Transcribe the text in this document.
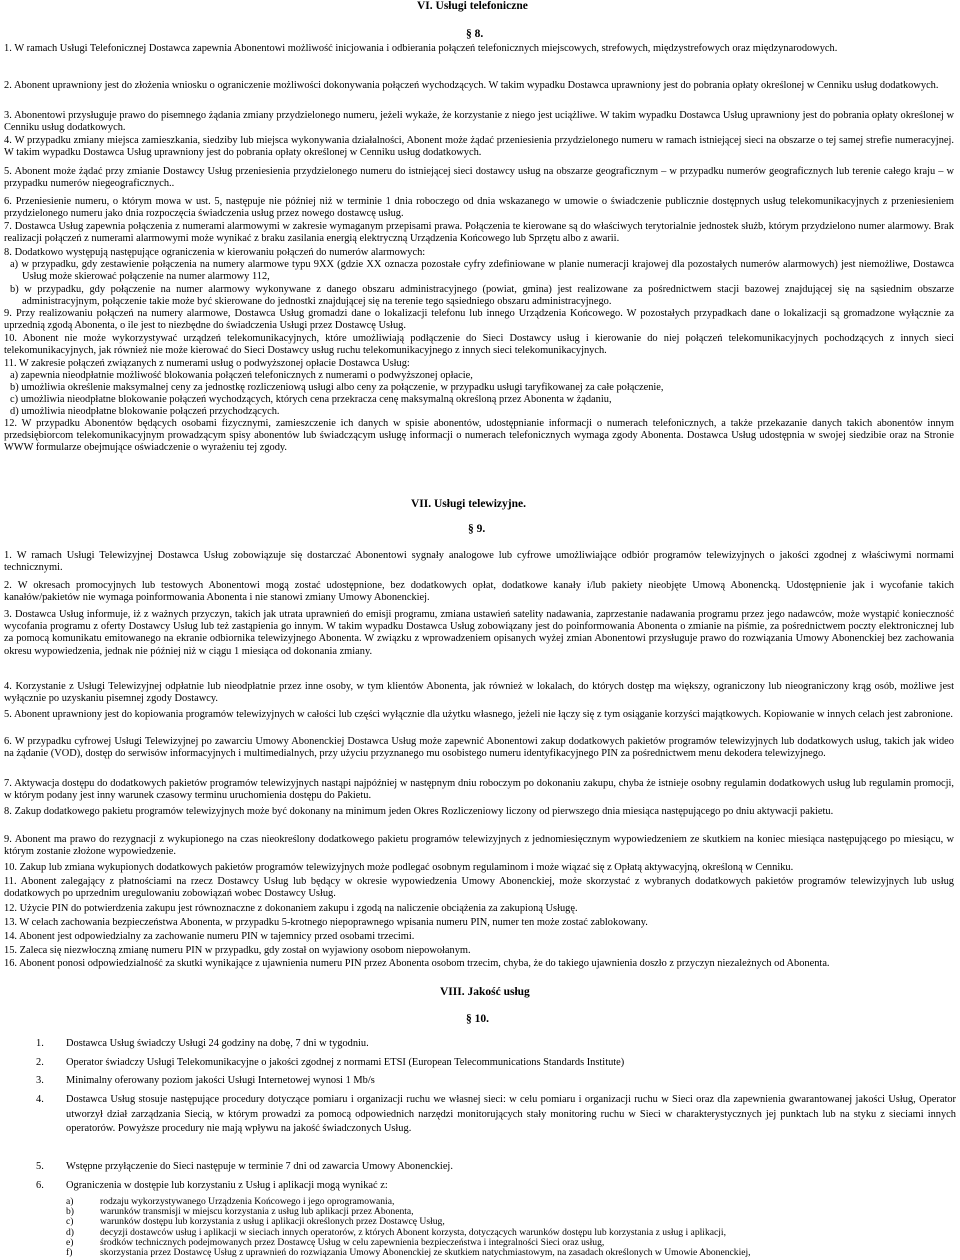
VI. Usługi telefoniczne
§ 8.
1. W ramach Usługi Telefonicznej Dostawca zapewnia Abonentowi możliwość inicjowania i odbierania połączeń telefonicznych miejscowych, strefowych, międzystrefowych oraz międzynarodowych.
2. Abonent uprawniony jest do złożenia wniosku o ograniczenie możliwości dokonywania połączeń wychodzących. W takim wypadku Dostawca uprawniony jest do pobrania opłaty określonej w Cenniku usług dodatkowych.
3. Abonentowi przysługuje prawo do pisemnego żądania zmiany przydzielonego numeru, jeżeli wykaże, że korzystanie z niego jest uciążliwe. W takim wypadku Dostawca Usług uprawniony jest do pobrania opłaty określonej w Cenniku usług dodatkowych.
4. W przypadku zmiany miejsca zamieszkania, siedziby lub miejsca wykonywania działalności, Abonent może żądać przeniesienia przydzielonego numeru w ramach istniejącej sieci na obszarze o tej samej strefie numeracyjnej. W takim wypadku Dostawca Usług uprawniony jest do pobrania opłaty określonej w Cenniku usług dodatkowych.
5. Abonent może żądać przy zmianie Dostawcy Usług przeniesienia przydzielonego numeru do istniejącej sieci dostawcy usług na obszarze geograficznym – w przypadku numerów geograficznych lub terenie całego kraju – w przypadku numerów niegeograficznych..
6. Przeniesienie numeru, o którym mowa w ust. 5, następuje nie później niż w terminie 1 dnia roboczego od dnia wskazanego w umowie o świadczenie publicznie dostępnych usług telekomunikacyjnych z przeniesieniem przydzielonego numeru jako dnia rozpoczęcia świadczenia usług przez nowego dostawcę usług.
7. Dostawca Usług zapewnia połączenia z numerami alarmowymi w zakresie wymaganym przepisami prawa. Połączenia te kierowane są do właściwych terytorialnie jednostek służb, którym przydzielono numer alarmowy. Brak realizacji połączeń z numerami alarmowymi może wynikać z braku zasilania energią elektryczną Urządzenia Końcowego lub Sprzętu albo z awarii.
8. Dodatkowo występują następujące ograniczenia w kierowaniu połączeń do numerów alarmowych:
a) w przypadku, gdy zestawienie połączenia na numery alarmowe typu 9XX (gdzie XX oznacza pozostałe cyfry zdefiniowane w planie numeracji krajowej dla pozostałych numerów alarmowych) jest niemożliwe, Dostawca Usług może skierować połączenie na numer alarmowy 112,
b) w przypadku, gdy połączenie na numer alarmowy wykonywane z danego obszaru administracyjnego (powiat, gmina) jest realizowane za pośrednictwem stacji bazowej znajdującej się na sąsiednim obszarze administracyjnym, połączenie takie może być skierowane do jednostki znajdującej się na terenie tego sąsiedniego obszaru administracyjnego.
9. Przy realizowaniu połączeń na numery alarmowe, Dostawca Usług gromadzi dane o lokalizacji telefonu lub innego Urządzenia Końcowego. W pozostałych przypadkach dane o lokalizacji są gromadzone wyłącznie za uprzednią zgodą Abonenta, o ile jest to niezbędne do świadczenia Usługi przez Dostawcę Usług.
10. Abonent nie może wykorzystywać urządzeń telekomunikacyjnych, które umożliwiają podłączenie do Sieci Dostawcy usług i kierowanie do niej połączeń telekomunikacyjnych pochodzących z innych sieci telekomunikacyjnych, jak również nie może kierować do Sieci Dostawcy usług ruchu telekomunikacyjnego z innych sieci telekomunikacyjnych.
11. W zakresie połączeń związanych z numerami usług o podwyższonej opłacie Dostawca Usług:
a) zapewnia nieodpłatnie możliwość blokowania połączeń telefonicznych z numerami o podwyższonej opłacie,
b) umożliwia określenie maksymalnej ceny za jednostkę rozliczeniową usługi albo ceny za połączenie, w przypadku usługi taryfikowanej za całe połączenie,
c) umożliwia nieodpłatne blokowanie połączeń wychodzących, których cena przekracza cenę maksymalną określoną przez Abonenta w żądaniu,
d) umożliwia nieodpłatne blokowanie połączeń przychodzących.
12. W przypadku Abonentów będących osobami fizycznymi, zamieszczenie ich danych w spisie abonentów, udostępnianie informacji o numerach telefonicznych, a także przekazanie danych takich abonentów innym przedsiębiorcom telekomunikacyjnym prowadzącym spisy abonentów lub świadczącym usługę informacji o numerach telefonicznych wymaga zgody Abonenta. Dostawca Usług udostępnia w swojej siedzibie oraz na Stronie WWW formularze obejmujące oświadczenie o wyrażeniu tej zgody.
VII. Usługi telewizyjne.
§ 9.
1. W ramach Usługi Telewizyjnej Dostawca Usług zobowiązuje się dostarczać Abonentowi sygnały analogowe lub cyfrowe umożliwiające odbiór programów telewizyjnych o jakości zgodnej z właściwymi normami technicznymi.
2. W okresach promocyjnych lub testowych Abonentowi mogą zostać udostępnione, bez dodatkowych opłat, dodatkowe kanały i/lub pakiety nieobjęte Umową Abonencką. Udostępnienie jak i wycofanie takich kanałów/pakietów nie wymaga poinformowania Abonenta i nie stanowi zmiany Umowy Abonenckiej.
3. Dostawca Usług informuje, iż z ważnych przyczyn, takich jak utrata uprawnień do emisji programu, zmiana ustawień satelity nadawania, zaprzestanie nadawania programu przez jego nadawców, może wystąpić konieczność wycofania programu z oferty Dostawcy Usług lub też zastąpienia go innym. W takim wypadku Dostawca Usług zobowiązany jest do poinformowania Abonenta o zmianie na piśmie, za pośrednictwem poczty elektronicznej lub za pomocą komunikatu emitowanego na ekranie odbiornika telewizyjnego Abonenta. W związku z wprowadzeniem opisanych wyżej zmian Abonentowi przysługuje prawo do rozwiązania Umowy Abonenckiej bez zachowania okresu wypowiedzenia, jednak nie później niż w ciągu 1 miesiąca od dokonania zmiany.
4. Korzystanie z Usługi Telewizyjnej odpłatnie lub nieodpłatnie przez inne osoby, w tym klientów Abonenta, jak również w lokalach, do których dostęp ma większy, ograniczony lub nieograniczony krąg osób, możliwe jest wyłącznie po uzyskaniu pisemnej zgody Dostawcy.
5. Abonent uprawniony jest do kopiowania programów telewizyjnych w całości lub części wyłącznie dla użytku własnego, jeżeli nie łączy się z tym osiąganie korzyści majątkowych. Kopiowanie w innych celach jest zabronione.
6. W przypadku cyfrowej Usługi Telewizyjnej po zawarciu Umowy Abonenckiej Dostawca Usług może zapewnić Abonentowi zakup dodatkowych pakietów programów telewizyjnych lub dodatkowych usług, takich jak wideo na żądanie (VOD), dostęp do serwisów informacyjnych i multimedialnych, przy użyciu przyznanego mu osobistego numeru identyfikacyjnego PIN za pośrednictwem menu dekodera telewizyjnego.
7. Aktywacja dostępu do dodatkowych pakietów programów telewizyjnych nastąpi najpóźniej w następnym dniu roboczym po dokonaniu zakupu, chyba że istnieje osobny regulamin dodatkowych usług lub regulamin promocji, w którym podany jest inny warunek czasowy terminu uruchomienia dostępu do Pakietu.
8. Zakup dodatkowego pakietu programów telewizyjnych może być dokonany na minimum jeden Okres Rozliczeniowy liczony od pierwszego dnia miesiąca następującego po dniu aktywacji pakietu.
9. Abonent ma prawo do rezygnacji z wykupionego na czas nieokreślony dodatkowego pakietu programów telewizyjnych z jednomiesięcznym wypowiedzeniem ze skutkiem na koniec miesiąca następującego po miesiącu, w którym zostanie złożone wypowiedzenie.
10. Zakup lub zmiana wykupionych dodatkowych pakietów programów telewizyjnych może podlegać osobnym regulaminom i może wiązać się z Opłatą aktywacyjną, określoną w Cenniku.
11. Abonent zalegający z płatnościami na rzecz Dostawcy Usług lub będący w okresie wypowiedzenia Umowy Abonenckiej, może skorzystać z wybranych dodatkowych pakietów programów telewizyjnych lub usług dodatkowych po uprzednim uregulowaniu zobowiązań wobec Dostawcy Usług.
12. Użycie PIN do potwierdzenia zakupu jest równoznaczne z dokonaniem zakupu i zgodą na naliczenie obciążenia za zakupioną Usługę.
13. W celach zachowania bezpieczeństwa Abonenta, w przypadku 5-krotnego niepoprawnego wpisania numeru PIN, numer ten może zostać zablokowany.
14. Abonent jest odpowiedzialny za zachowanie numeru PIN w tajemnicy przed osobami trzecimi.
15. Zaleca się niezwłoczną zmianę numeru PIN w przypadku, gdy został on wyjawiony osobom niepowołanym.
16. Abonent ponosi odpowiedzialność za skutki wynikające z ujawnienia numeru PIN przez Abonenta osobom trzecim, chyba, że do takiego ujawnienia doszło z przyczyn niezależnych od Abonenta.
VIII. Jakość usług
§ 10.
1. Dostawca Usług świadczy Usługi 24 godziny na dobę, 7 dni w tygodniu.
2. Operator świadczy Usługi Telekomunikacyjne o jakości zgodnej z normami ETSI (European Telecommunications Standards Institute)
3. Minimalny oferowany poziom jakości Usługi Internetowej wynosi 1 Mb/s
4. Dostawca Usług stosuje następujące procedury dotyczące pomiaru i organizacji ruchu we własnej sieci: w celu pomiaru i organizacji ruchu w Sieci oraz dla zapewnienia gwarantowanej jakości Usług, Operator utworzył dział zarządzania Siecią, w którym prowadzi za pomocą odpowiednich narzędzi monitorujących stały monitoring ruchu w Sieci w charakterystycznych jej punktach lub na styku z sieciami innych operatorów. Powyższe procedury nie mają wpływu na jakość świadczonych Usług.
5. Wstępne przyłączenie do Sieci następuje w terminie 7 dni od zawarcia Umowy Abonenckiej.
6. Ograniczenia w dostępie lub korzystaniu z Usług i aplikacji mogą wynikać z:
a)	rodzaju wykorzystywanego Urządzenia Końcowego i jego oprogramowania,
b)	warunków transmisji w miejscu korzystania z usług lub aplikacji przez Abonenta,
c)	warunków dostępu lub korzystania z usług i aplikacji określonych przez Dostawcę Usług,
d)	decyzji dostawców usług i aplikacji w sieciach innych operatorów, z których Abonent korzysta, dotyczących warunków dostępu lub korzystania z usług i aplikacji,
e)	środków technicznych podejmowanych przez Dostawcę Usług w celu zapewnienia bezpieczeństwa i integralności Sieci oraz usług,
f)	skorzystania przez Dostawcę Usług z uprawnień do rozwiązania Umowy Abonenckiej ze skutkiem natychmiastowym, na zasadach określonych w Umowie Abonenckiej,
